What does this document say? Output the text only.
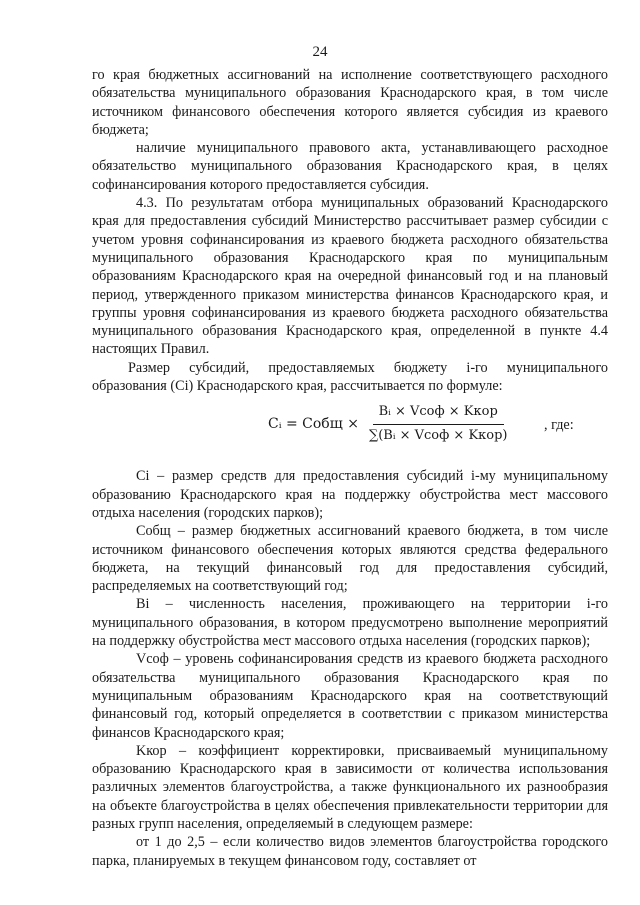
24

го края бюджетных ассигнований на исполнение соответствующего расходного обязательства муниципального образования Краснодарского края, в том числе источником финансового обеспечения которого является субсидия из краевого бюджета;

наличие муниципального правового акта, устанавливающего расходное обязательство муниципального образования Краснодарского края, в целях софинансирования которого предоставляется субсидия.

4.3. По результатам отбора муниципальных образований Краснодарского края для предоставления субсидий Министерство рассчитывает размер субсидии с учетом уровня софинансирования из краевого бюджета расходного обязательства муниципального образования Краснодарского края по муниципальным образованиям Краснодарского края на очередной финансовый год и на плановый период, утвержденного приказом министерства финансов Краснодарского края, и группы уровня софинансирования из краевого бюджета расходного обязательства муниципального образования Краснодарского края, определенной в пункте 4.4 настоящих Правил.

Размер субсидий, предоставляемых бюджету i-го муниципального образования (Ci) Краснодарского края, рассчитывается по формуле:

Cᵢ = Cобщ × $\frac{\text{Bᵢ × Vсоф × Kкор}}{\text{∑(Bᵢ × Vсоф × Kкор)}}$ , где:

Ci – размер средств для предоставления субсидий i-му муниципальному образованию Краснодарского края на поддержку обустройства мест массового отдыха населения (городских парков);

Cобщ – размер бюджетных ассигнований краевого бюджета, в том числе источником финансового обеспечения которых являются средства федерального бюджета, на текущий финансовый год для предоставления субсидий, распределяемых на соответствующий год;

Bi – численность населения, проживающего на территории i-го муниципального образования, в котором предусмотрено выполнение мероприятий на поддержку обустройства мест массового отдыха населения (городских парков);

Vсоф – уровень софинансирования средств из краевого бюджета расходного обязательства муниципального образования Краснодарского края по муниципальным образованиям Краснодарского края на соответствующий финансовый год, который определяется в соответствии с приказом министерства финансов Краснодарского края;

Kкор – коэффициент корректировки, присваиваемый муниципальному образованию Краснодарского края в зависимости от количества использования различных элементов благоустройства, а также функционального их разнообразия на объекте благоустройства в целях обеспечения привлекательности территории для разных групп населения, определяемый в следующем размере:

от 1 до 2,5 – если количество видов элементов благоустройства городского парка, планируемых в текущем финансовом году, составляет от
